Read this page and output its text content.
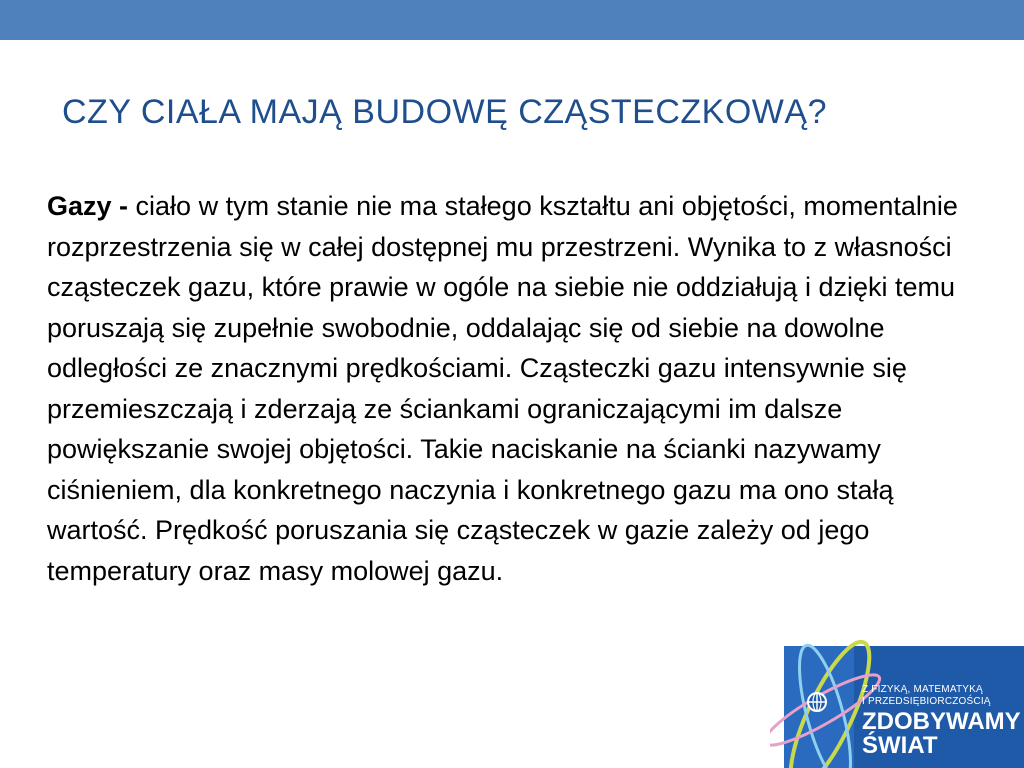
CZY CIAŁA MAJĄ BUDOWĘ CZĄSTECZKOWĄ?

Gazy - ciało w tym stanie nie ma stałego kształtu ani objętości, momentalnie rozprzestrzenia się w całej dostępnej mu przestrzeni. Wynika to z własności cząsteczek gazu, które prawie w ogóle na siebie nie oddziałują i dzięki temu poruszają się zupełnie swobodnie, oddalając się od siebie na dowolne odległości ze znacznymi prędkościami. Cząsteczki gazu intensywnie się przemieszczają i zderzają ze ściankami ograniczającymi im dalsze powiększanie swojej objętości. Takie naciskanie na ścianki nazywamy ciśnieniem, dla konkretnego naczynia i konkretnego gazu ma ono stałą wartość. Prędkość poruszania się cząsteczek w gazie zależy od jego temperatury oraz masy molowej gazu.

Z FIZYKĄ, MATEMATYKĄ
I PRZEDSIĘBIORCZOŚCIĄ
ZDOBYWAMY
ŚWIAT
